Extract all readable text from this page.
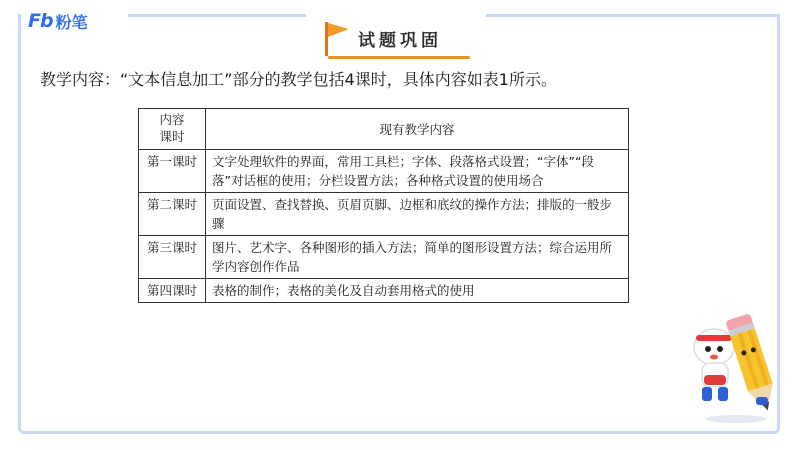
Fb 粉笔
试题巩固
教学内容：“文本信息加工”部分的教学包括4课时，具体内容如表1所示。
内容
课时	现有教学内容
第一课时	文字处理软件的界面，常用工具栏；字体、段落格式设置；“字体”“段落”对话框的使用；分栏设置方法；各种格式设置的使用场合
第二课时	页面设置、查找替换、页眉页脚、边框和底纹的操作方法；排版的一般步骤
第三课时	图片、艺术字、各种图形的插入方法；简单的图形设置方法；综合运用所学内容创作作品
第四课时	表格的制作；表格的美化及自动套用格式的使用
